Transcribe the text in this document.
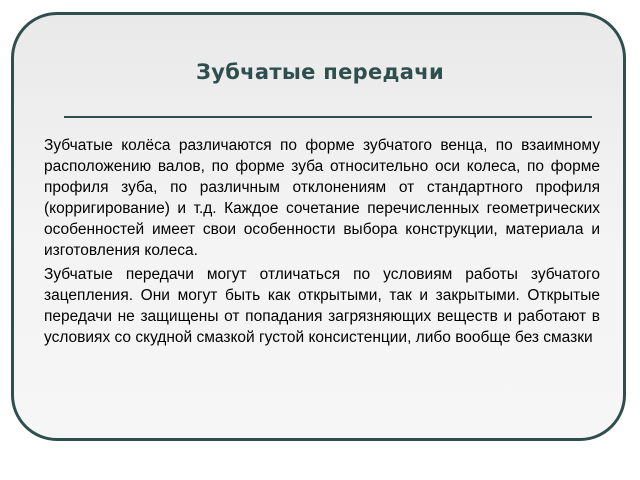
Зубчатые передачи

Зубчатые колёса различаются по форме зубчатого венца, по взаимному расположению валов, по форме зуба относительно оси колеса, по форме профиля зуба, по различным отклонениям от стандартного профиля (корригирование) и т.д. Каждое сочетание перечисленных геометрических особенностей имеет свои особенности выбора конструкции, материала и изготовления колеса.

Зубчатые передачи могут отличаться по условиям работы зубчатого зацепления. Они могут быть как открытыми, так и закрытыми. Открытые передачи не защищены от попадания загрязняющих веществ и работают в условиях со скудной смазкой густой консистенции, либо вообще без смазки
